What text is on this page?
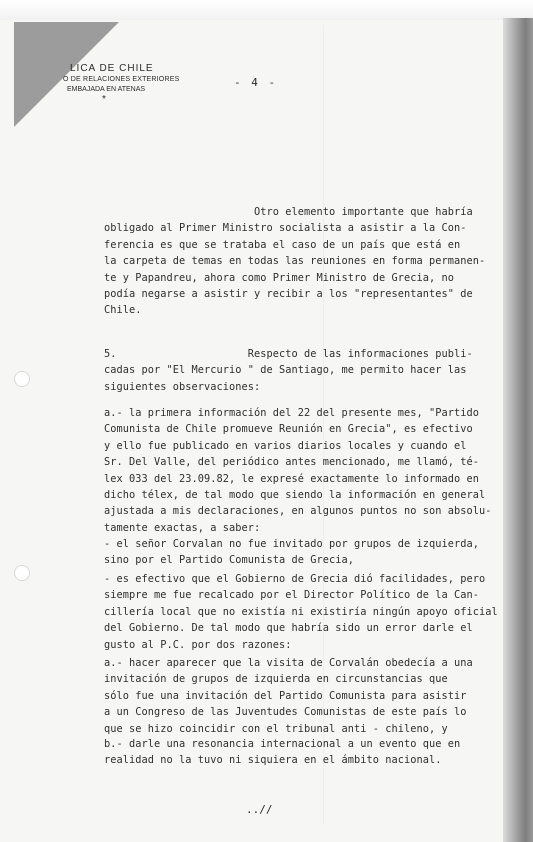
LICA DE CHILE
O DE RELACIONES EXTERIORES
EMBAJADA EN ATENAS
*
- 4 -
Otro elemento importante que habría
obligado al Primer Ministro socialista a asistir a la Con-
ferencia es que se trataba el caso de un país que está en
la carpeta de temas en todas las reuniones en forma permanen-
te y Papandreu, ahora como Primer Ministro de Grecia, no
podía negarse a asistir y recibir a los "representantes" de
Chile.
5.                     Respecto de las informaciones publi-
cadas por "El Mercurio " de Santiago, me permito hacer las
siguientes observaciones:
a.- la primera información del 22 del presente mes, "Partido
Comunista de Chile promueve Reunión en Grecia", es efectivo
y ello fue publicado en varios diarios locales y cuando el
Sr. Del Valle, del periódico antes mencionado, me llamó, té-
lex 033 del 23.09.82, le expresé exactamente lo informado en
dicho télex, de tal modo que siendo la información en general
ajustada a mis declaraciones, en algunos puntos no son absolu-
tamente exactas, a saber:
- el señor Corvalan no fue invitado por grupos de izquierda,
sino por el Partido Comunista de Grecia,
- es efectivo que el Gobierno de Grecia dió facilidades, pero
siempre me fue recalcado por el Director Político de la Can-
cillería local que no existía ni existiría ningún apoyo oficial
del Gobierno. De tal modo que habría sido un error darle el
gusto al P.C. por dos razones:
a.- hacer aparecer que la visita de Corvalán obedecía a una
invitación de grupos de izquierda en circunstancias que
sólo fue una invitación del Partido Comunista para asistir
a un Congreso de las Juventudes Comunistas de este país lo
que se hizo coincidir con el tribunal anti - chileno, y
b.- darle una resonancia internacional a un evento que en
realidad no la tuvo ni siquiera en el ámbito nacional.
..//
